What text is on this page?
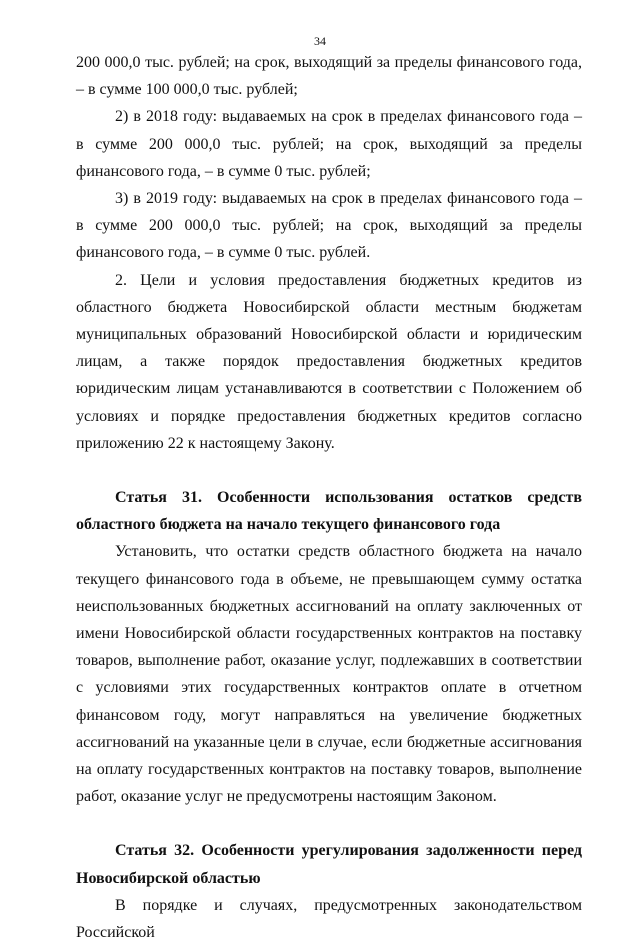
34

200 000,0 тыс. рублей; на срок, выходящий за пределы финансового года, – в сумме 100 000,0 тыс. рублей;

2) в 2018 году: выдаваемых на срок в пределах финансового года – в сумме 200 000,0 тыс. рублей; на срок, выходящий за пределы финансового года, – в сумме 0 тыс. рублей;

3) в 2019 году: выдаваемых на срок в пределах финансового года – в сумме 200 000,0 тыс. рублей; на срок, выходящий за пределы финансового года, – в сумме 0 тыс. рублей.

2. Цели и условия предоставления бюджетных кредитов из областного бюджета Новосибирской области местным бюджетам муниципальных образований Новосибирской области и юридическим лицам, а также порядок предоставления бюджетных кредитов юридическим лицам устанавливаются в соответствии с Положением об условиях и порядке предоставления бюджетных кредитов согласно приложению 22 к настоящему Закону.

Статья 31. Особенности использования остатков средств областного бюджета на начало текущего финансового года

Установить, что остатки средств областного бюджета на начало текущего финансового года в объеме, не превышающем сумму остатка неиспользованных бюджетных ассигнований на оплату заключенных от имени Новосибирской области государственных контрактов на поставку товаров, выполнение работ, оказание услуг, подлежавших в соответствии с условиями этих государственных контрактов оплате в отчетном финансовом году, могут направляться на увеличение бюджетных ассигнований на указанные цели в случае, если бюджетные ассигнования на оплату государственных контрактов на поставку товаров, выполнение работ, оказание услуг не предусмотрены настоящим Законом.

Статья 32. Особенности урегулирования задолженности перед Новосибирской областью

В порядке и случаях, предусмотренных законодательством Российской
